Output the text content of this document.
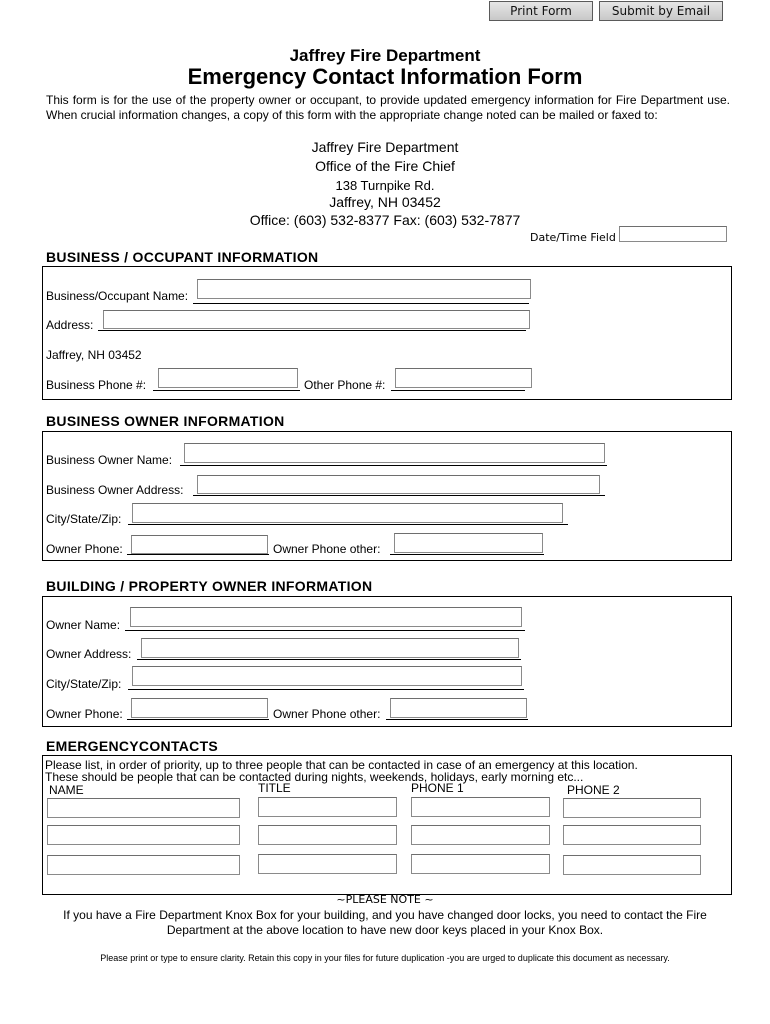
Print Form	Submit by Email
Jaffrey Fire Department
Emergency Contact Information Form
This form is for the use of the property owner or occupant, to provide updated emergency information for Fire Department use. When crucial information changes, a copy of this form with the appropriate change noted can be mailed or faxed to:
Jaffrey Fire Department
Office of the Fire Chief
138 Turnpike Rd.
Jaffrey, NH 03452
Office: (603) 532-8377 Fax: (603) 532-7877
Date/Time Field
BUSINESS / OCCUPANT INFORMATION
Business/Occupant Name:
Address:
Jaffrey, NH 03452
Business Phone #:	Other Phone #:
BUSINESS OWNER INFORMATION
Business Owner Name:
Business Owner Address:
City/State/Zip:
Owner Phone:	Owner Phone other:
BUILDING / PROPERTY OWNER INFORMATION
Owner Name:
Owner Address:
City/State/Zip:
Owner Phone:	Owner Phone other:
EMERGENCYCONTACTS
Please list, in order of priority, up to three people that can be contacted in case of an emergency at this location.
These should be people that can be contacted during nights, weekends, holidays, early morning etc...
NAME	TITLE	PHONE 1	PHONE 2
~PLEASE NOTE ~
If you have a Fire Department Knox Box for your building, and you have changed door locks, you need to contact the Fire Department at the above location to have new door keys placed in your Knox Box.
Please print or type to ensure clarity. Retain this copy in your files for future duplication -you are urged to duplicate this document as necessary.
